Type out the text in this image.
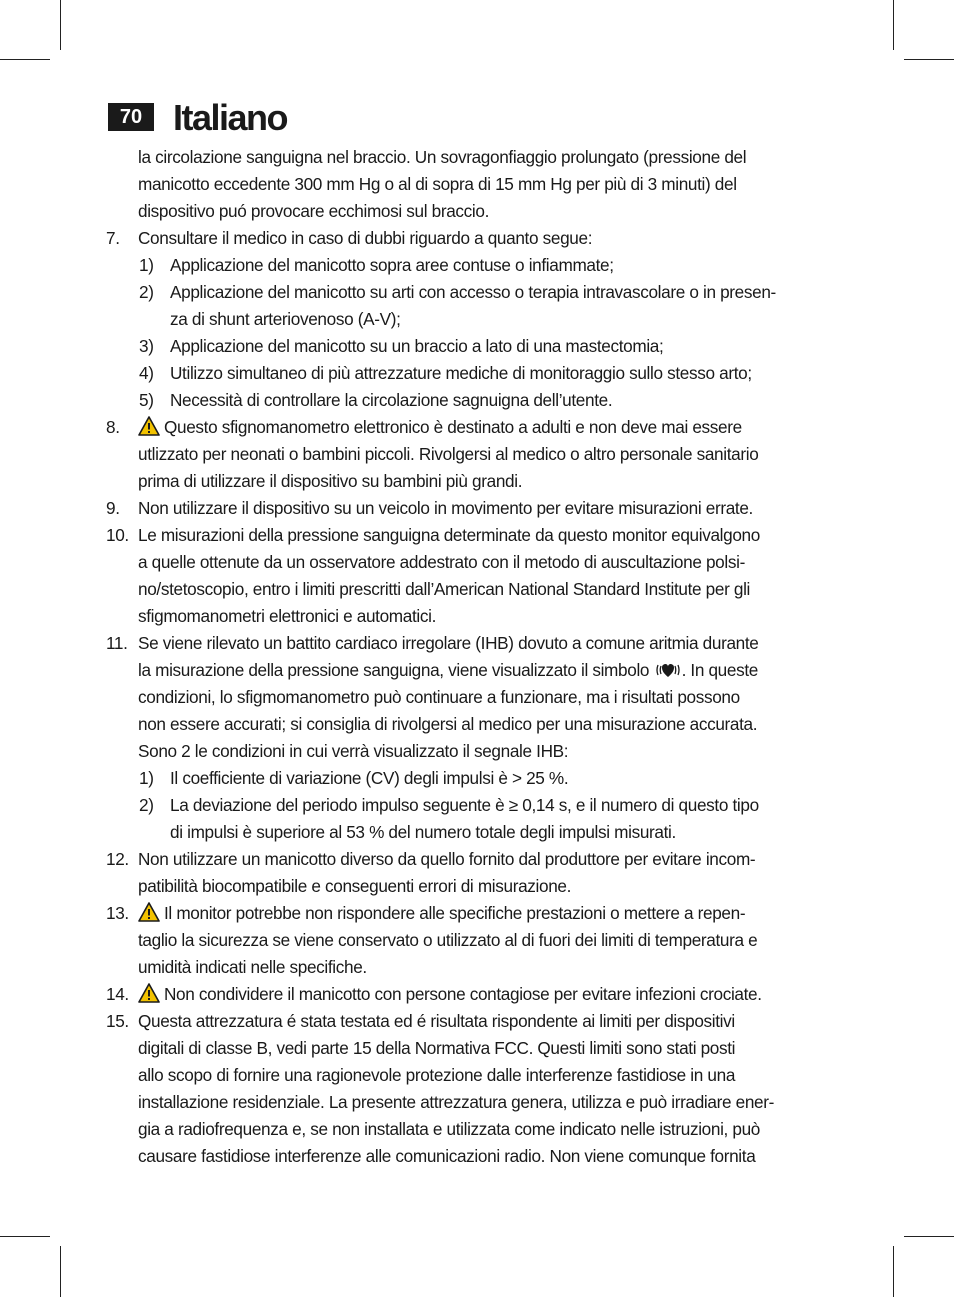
70 Italiano
la circolazione sanguigna nel braccio. Un sovragonfiaggio prolungato (pressione del
manicotto eccedente 300 mm Hg o al di sopra di 15 mm Hg per più di 3 minuti) del
dispositivo puó provocare ecchimosi sul braccio.
7. Consultare il medico in caso di dubbi riguardo a quanto segue:
1) Applicazione del manicotto sopra aree contuse o infiammate;
2) Applicazione del manicotto su arti con accesso o terapia intravascolare o in presen-
za di shunt arteriovenoso (A-V);
3) Applicazione del manicotto su un braccio a lato di una mastectomia;
4) Utilizzo simultaneo di più attrezzature mediche di monitoraggio sullo stesso arto;
5) Necessità di controllare la circolazione sagnuigna dell’utente.
8.	Questo sfignomanometro elettronico è destinato a adulti e non deve mai essere
utlizzato per neonati o bambini piccoli. Rivolgersi al medico o altro personale sanitario
prima di utilizzare il dispositivo su bambini più grandi.
9. Non utilizzare il dispositivo su un veicolo in movimento per evitare misurazioni errate.
10. Le misurazioni della pressione sanguigna determinate da questo monitor equivalgono
a quelle ottenute da un osservatore addestrato con il metodo di auscultazione polsi-
no/stetoscopio, entro i limiti prescritti dall’American National Standard Institute per gli
sfigmomanometri elettronici e automatici.
11. Se viene rilevato un battito cardiaco irregolare (IHB) dovuto a comune aritmia durante
la misurazione della pressione sanguigna, viene visualizzato il simbolo . In queste
condizioni, lo sfigmomanometro può continuare a funzionare, ma i risultati possono
non essere accurati; si consiglia di rivolgersi al medico per una misurazione accurata.
Sono 2 le condizioni in cui verrà visualizzato il segnale IHB:
1) Il coefficiente di variazione (CV) degli impulsi è > 25 %.
2) La deviazione del periodo impulso seguente è ≥ 0,14 s, e il numero di questo tipo
di impulsi è superiore al 53 % del numero totale degli impulsi misurati.
12. Non utilizzare un manicotto diverso da quello fornito dal produttore per evitare incom-
patibilità biocompatibile e conseguenti errori di misurazione.
13.	Il monitor potrebbe non rispondere alle specifiche prestazioni o mettere a repen-
taglio la sicurezza se viene conservato o utilizzato al di fuori dei limiti di temperatura e
umidità indicati nelle specifiche.
14.	Non condividere il manicotto con persone contagiose per evitare infezioni crociate.
15. Questa attrezzatura é stata testata ed é risultata rispondente ai limiti per dispositivi
digitali di classe B, vedi parte 15 della Normativa FCC. Questi limiti sono stati posti
allo scopo di fornire una ragionevole protezione dalle interferenze fastidiose in una
installazione residenziale. La presente attrezzatura genera, utilizza e può irradiare ener-
gia a radiofrequenza e, se non installata e utilizzata come indicato nelle istruzioni, può
causare fastidiose interferenze alle comunicazioni radio. Non viene comunque fornita
